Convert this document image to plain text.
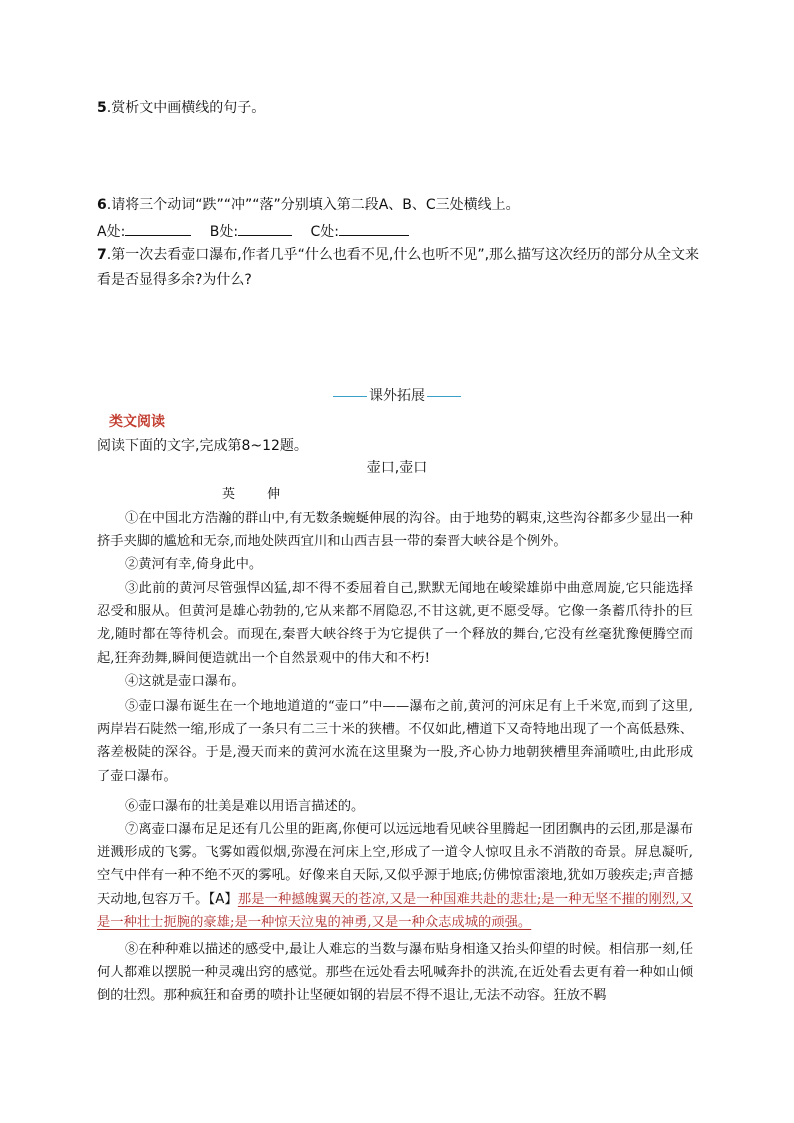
5.赏析文中画横线的句子。
6.请将三个动词“跌”“冲”“落”分别填入第二段A、B、C三处横线上。
A处:	B处:	C处:
7.第一次去看壶口瀑布,作者几乎“什么也看不见,什么也听不见”,那么描写这次经历的部分从全文来
看是否显得多余?为什么?
课外拓展
类文阅读
阅读下面的文字,完成第8~12题。
壶口,壶口
英 伸

①在中国北方浩瀚的群山中,有无数条蜿蜒伸展的沟谷。由于地势的羁束,这些沟谷都多少显出一种挤手夹脚的尴尬和无奈,而地处陕西宜川和山西吉县一带的秦晋大峡谷是个例外。

②黄河有幸,倚身此中。

③此前的黄河尽管强悍凶猛,却不得不委屈着自己,默默无闻地在峻梁雄峁中曲意周旋,它只能选择忍受和服从。但黄河是雄心勃勃的,它从来都不屑隐忍,不甘这就,更不愿受辱。它像一条蓄爪待扑的巨龙,随时都在等待机会。而现在,秦晋大峡谷终于为它提供了一个释放的舞台,它没有丝毫犹豫便腾空而起,狂奔劲舞,瞬间便造就出一个自然景观中的伟大和不朽!

④这就是壶口瀑布。

⑤壶口瀑布诞生在一个地地道道的“壶口”中——瀑布之前,黄河的河床足有上千米宽,而到了这里,两岸岩石陡然一缩,形成了一条只有二三十米的狭槽。不仅如此,槽道下又奇特地出现了一个高低悬殊、落差极陡的深谷。于是,漫天而来的黄河水流在这里聚为一股,齐心协力地朝狭槽里奔涌喷吐,由此形成了壶口瀑布。

⑥壶口瀑布的壮美是难以用语言描述的。

⑦离壶口瀑布足足还有几公里的距离,你便可以远远地看见峡谷里腾起一团团飘冉的云团,那是瀑布迸溅形成的飞雾。飞雾如霞似烟,弥漫在河床上空,形成了一道令人惊叹且永不消散的奇景。屏息凝听,空气中伴有一种不绝不灭的雾吼。好像来自天际,又似乎源于地底;仿佛惊雷滚地,犹如万骏疾走;声音撼天动地,包容万千。【A】那是一种撼魄翼天的苍凉,又是一种国难共赴的悲壮;是一种无坚不摧的刚烈,又是一种壮士扼腕的豪雄;是一种惊天泣鬼的神勇,又是一种众志成城的顽强。

⑧在种种难以描述的感受中,最让人难忘的当数与瀑布贴身相逢又抬头仰望的时候。相信那一刻,任何人都难以摆脱一种灵魂出窍的感觉。那些在远处看去吼喊奔扑的洪流,在近处看去更有着一种如山倾倒的壮烈。那种疯狂和奋勇的喷扑让坚硬如钢的岩层不得不退让,无法不动容。狂放不羁
